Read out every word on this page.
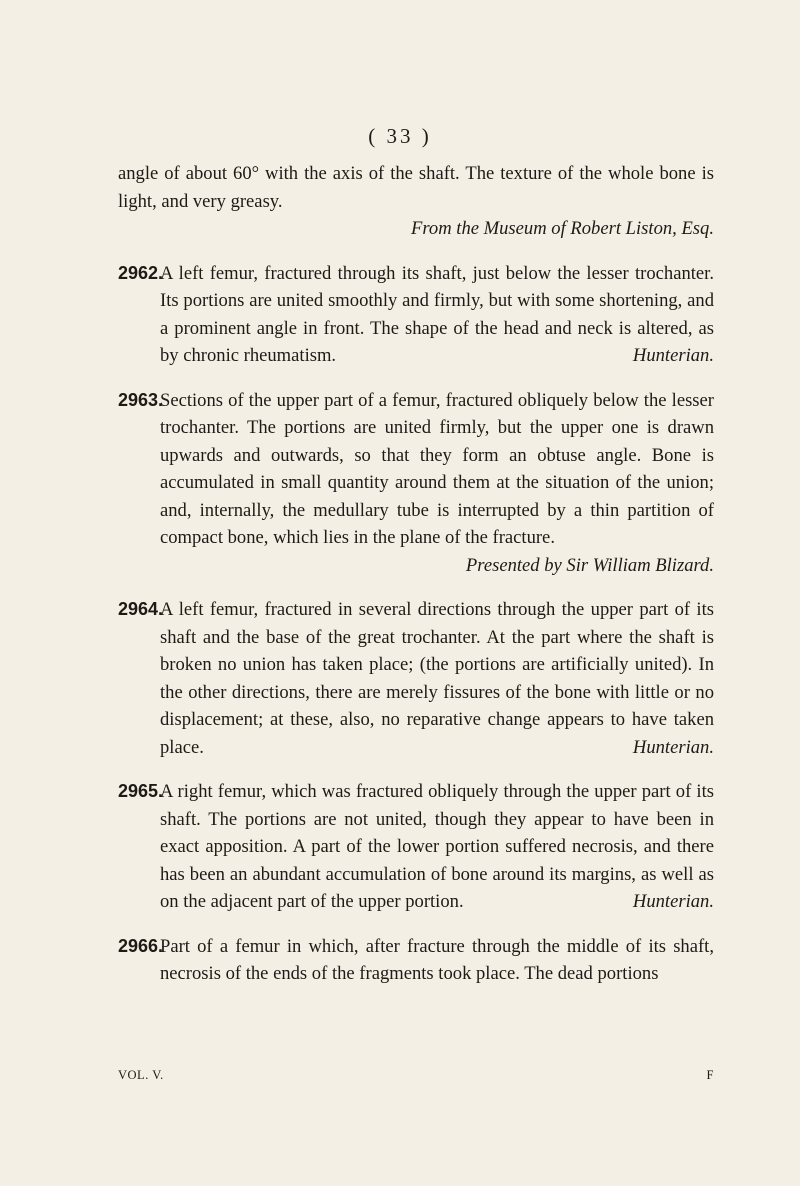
( 33 )

angle of about 60° with the axis of the shaft. The texture of the whole bone is light, and very greasy.

From the Museum of Robert Liston, Esq.

2962.A left femur, fractured through its shaft, just below the lesser trochanter. Its portions are united smoothly and firmly, but with some shortening, and a prominent angle in front. The shape of the head and neck is altered, as by chronic rheumatism.	Hunterian.

2963.Sections of the upper part of a femur, fractured obliquely below the lesser trochanter. The portions are united firmly, but the upper one is drawn upwards and outwards, so that they form an obtuse angle. Bone is accumulated in small quantity around them at the situation of the union; and, internally, the medullary tube is interrupted by a thin partition of compact bone, which lies in the plane of the fracture.

Presented by Sir William Blizard.

2964.A left femur, fractured in several directions through the upper part of its shaft and the base of the great trochanter. At the part where the shaft is broken no union has taken place; (the portions are artificially united). In the other directions, there are merely fissures of the bone with little or no displacement; at these, also, no reparative change appears to have taken place.	Hunterian.

2965.A right femur, which was fractured obliquely through the upper part of its shaft. The portions are not united, though they appear to have been in exact apposition. A part of the lower portion suffered necrosis, and there has been an abundant accumulation of bone around its margins, as well as on the adjacent part of the upper portion.	Hunterian.

2966.Part of a femur in which, after fracture through the middle of its shaft, necrosis of the ends of the fragments took place. The dead portions

VOL. V.	F
